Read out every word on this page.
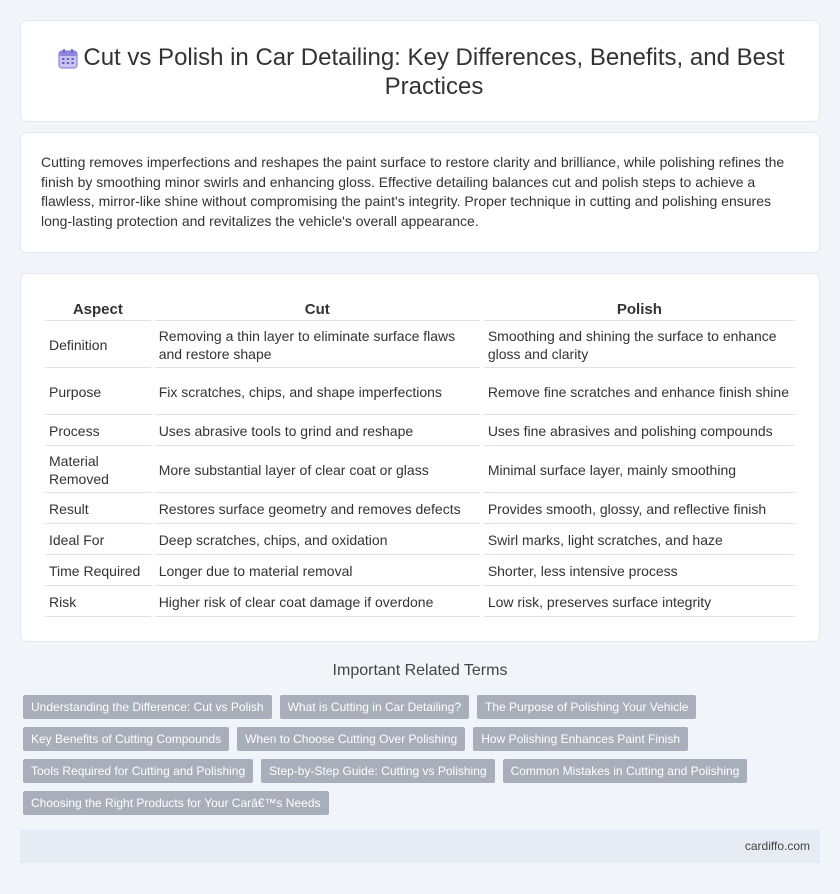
Cut vs Polish in Car Detailing: Key Differences, Benefits, and Best Practices

Cutting removes imperfections and reshapes the paint surface to restore clarity and brilliance, while polishing refines the finish by smoothing minor swirls and enhancing gloss. Effective detailing balances cut and polish steps to achieve a flawless, mirror-like shine without compromising the paint's integrity. Proper technique in cutting and polishing ensures long-lasting protection and revitalizes the vehicle's overall appearance.

Aspect	Cut	Polish
Definition	Removing a thin layer to eliminate surface flaws and restore shape	Smoothing and shining the surface to enhance gloss and clarity
Purpose	Fix scratches, chips, and shape imperfections	Remove fine scratches and enhance finish shine
Process	Uses abrasive tools to grind and reshape	Uses fine abrasives and polishing compounds
Material Removed	More substantial layer of clear coat or glass	Minimal surface layer, mainly smoothing
Result	Restores surface geometry and removes defects	Provides smooth, glossy, and reflective finish
Ideal For	Deep scratches, chips, and oxidation	Swirl marks, light scratches, and haze
Time Required	Longer due to material removal	Shorter, less intensive process
Risk	Higher risk of clear coat damage if overdone	Low risk, preserves surface integrity
Important Related Terms
Understanding the Difference: Cut vs Polish	What is Cutting in Car Detailing?	The Purpose of Polishing Your Vehicle
Key Benefits of Cutting Compounds	When to Choose Cutting Over Polishing	How Polishing Enhances Paint Finish
Tools Required for Cutting and Polishing	Step-by-Step Guide: Cutting vs Polishing	Common Mistakes in Cutting and Polishing
Choosing the Right Products for Your Carâ€™s Needs
cardiffo.com
